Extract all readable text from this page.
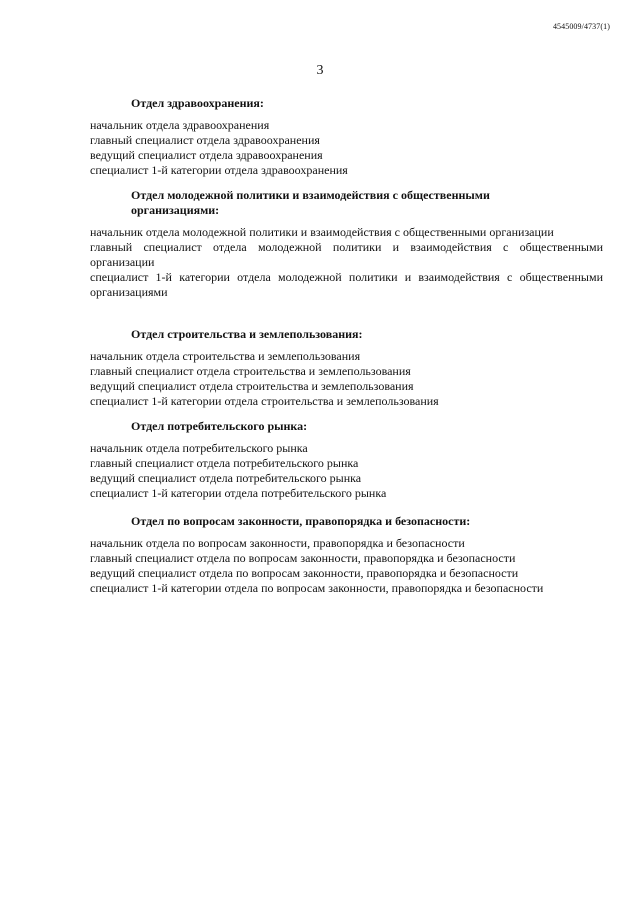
4545009/4737(1)
3
Отдел здравоохранения:
начальник отдела здравоохранения
главный специалист отдела здравоохранения
ведущий специалист отдела здравоохранения
специалист 1-й категории отдела здравоохранения
Отдел молодежной политики и взаимодействия с общественными организациями:
начальник отдела молодежной политики и взаимодействия с общественными организации
главный специалист отдела молодежной политики и взаимодействия с общественными организации
специалист 1-й категории отдела молодежной политики и взаимодействия с общественными организациями
Отдел строительства и землепользования:
начальник отдела строительства и землепользования
главный специалист отдела строительства и землепользования
ведущий специалист отдела строительства и землепользования
специалист 1-й категории отдела строительства и землепользования
Отдел потребительского рынка:
начальник отдела потребительского рынка
главный специалист отдела потребительского рынка
ведущий специалист отдела потребительского рынка
специалист 1-й категории отдела потребительского рынка
Отдел по вопросам законности, правопорядка и безопасности:
начальник отдела по вопросам законности, правопорядка и безопасности
главный специалист отдела по вопросам законности, правопорядка и безопасности
ведущий специалист отдела по вопросам законности, правопорядка и безопасности
специалист 1-й категории отдела по вопросам законности, правопорядка и безопасности
